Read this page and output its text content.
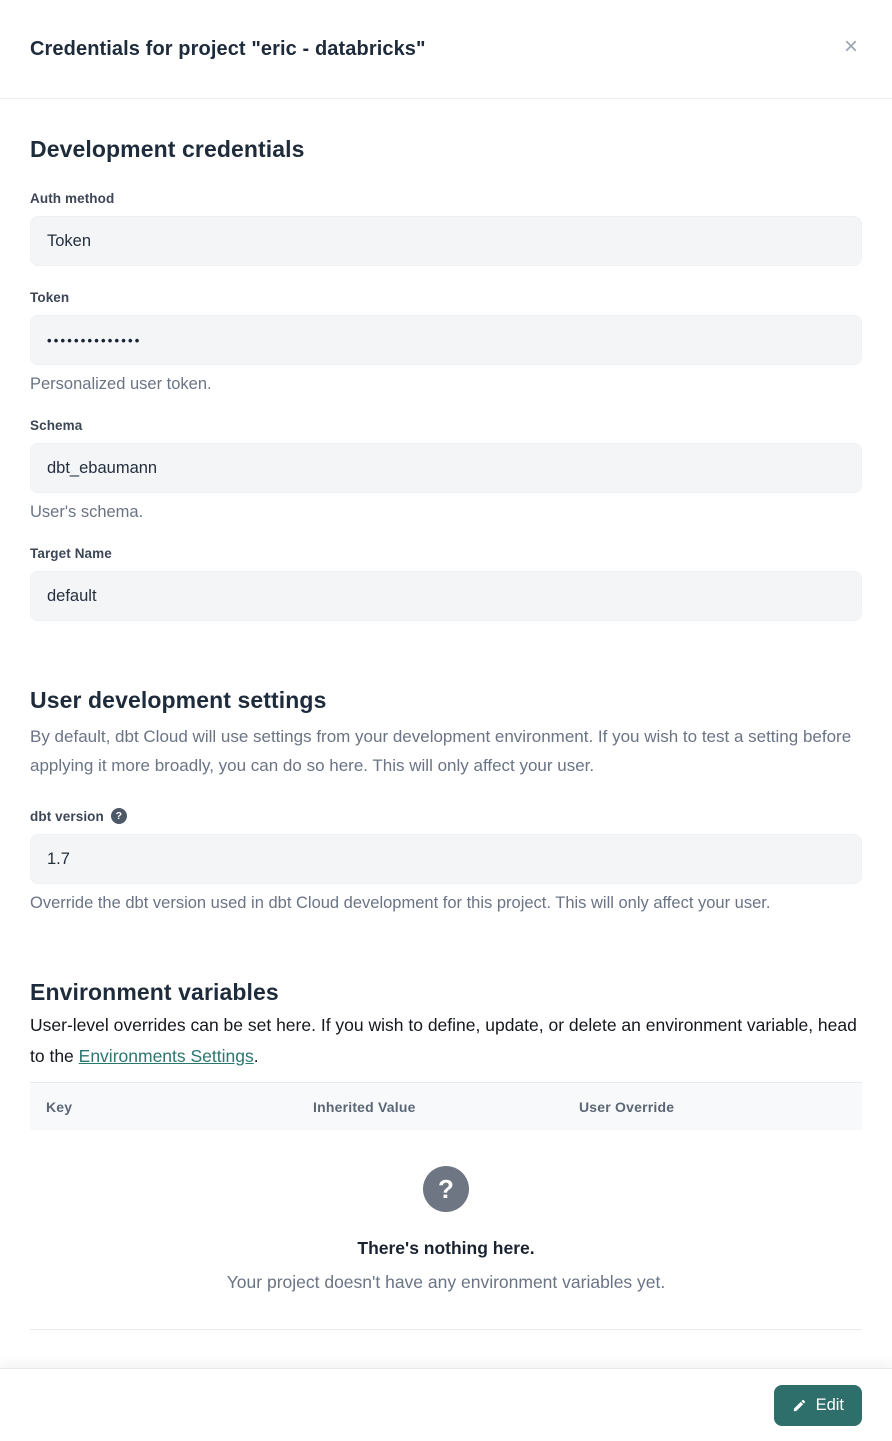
Credentials for project "eric - databricks"	×
Development credentials
Auth method
Token
Token
••••••••••••••
Personalized user token.
Schema
dbt_ebaumann
User's schema.
Target Name
default
User development settings

By default, dbt Cloud will use settings from your development environment. If you wish to test a setting before applying it more broadly, you can do so here. This will only affect your user.

dbt version	?
1.7
Override the dbt version used in dbt Cloud development for this project. This will only affect your user.
Environment variables

User-level overrides can be set here. If you wish to define, update, or delete an environment variable, head to the Environments Settings.

Key	Inherited Value	User Override
?
There's nothing here.
Your project doesn't have any environment variables yet.
Edit
